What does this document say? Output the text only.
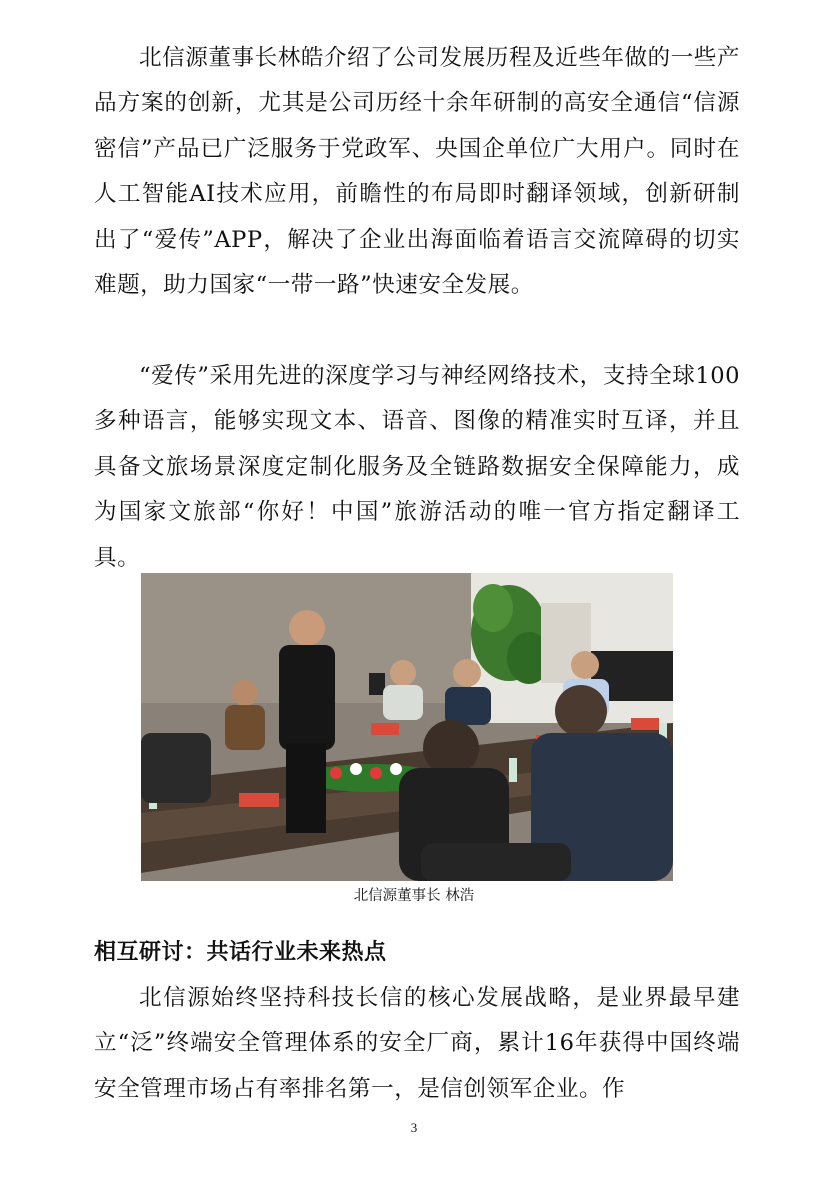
北信源董事长林皓介绍了公司发展历程及近些年做的一些产品方案的创新，尤其是公司历经十余年研制的高安全通信“信源密信”产品已广泛服务于党政军、央国企单位广大用户。同时在人工智能AI技术应用，前瞻性的布局即时翻译领域，创新研制出了“爱传”APP，解决了企业出海面临着语言交流障碍的切实难题，助力国家“一带一路”快速安全发展。

“爱传”采用先进的深度学习与神经网络技术，支持全球100多种语言，能够实现文本、语音、图像的精准实时互译，并且具备文旅场景深度定制化服务及全链路数据安全保障能力，成为国家文旅部“你好！中国”旅游活动的唯一官方指定翻译工具。

北信源董事长 林浩
相互研讨：共话行业未来热点

北信源始终坚持科技长信的核心发展战略，是业界最早建立“泛”终端安全管理体系的安全厂商，累计16年获得中国终端安全管理市场占有率排名第一，是信创领军企业。作

3
